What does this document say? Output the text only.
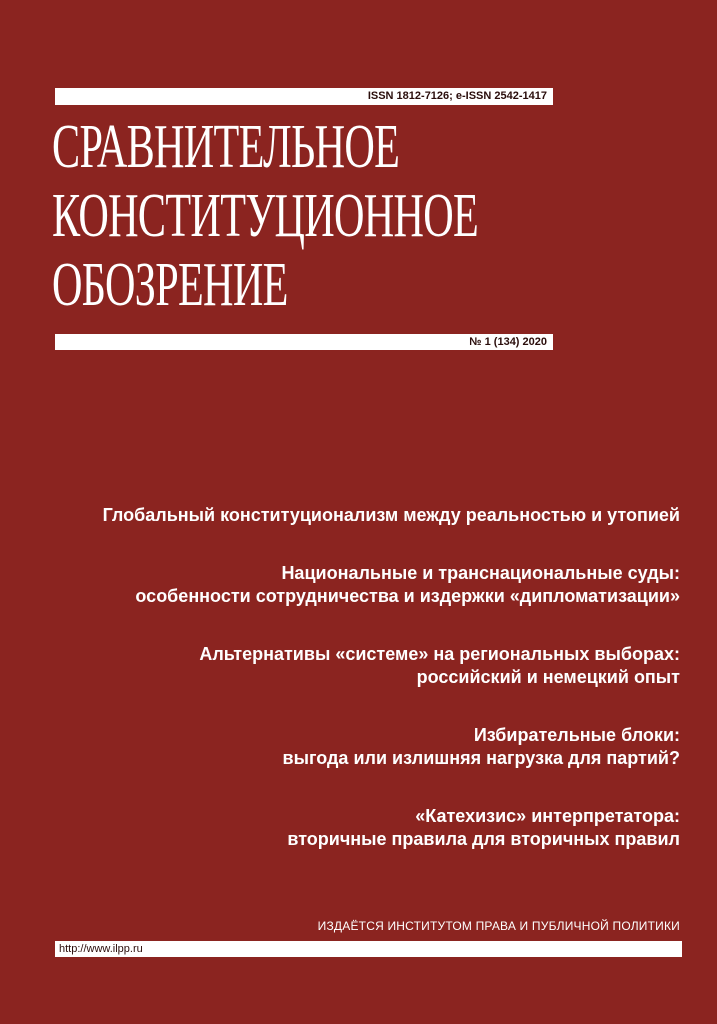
ISSN 1812-7126; e-ISSN 2542-1417
СРАВНИТЕЛЬНОЕ
КОНСТИТУЦИОННОЕ
ОБОЗРЕНИЕ
№ 1 (134) 2020
Глобальный конституционализм между реальностью и утопией
Национальные и транснациональные суды:
особенности сотрудничества и издержки «дипломатизации»
Альтернативы «системе» на региональных выборах:
российский и немецкий опыт
Избирательные блоки:
выгода или излишняя нагрузка для партий?
«Катехизис» интерпретатора:
вторичные правила для вторичных правил
ИЗДАЁТСЯ ИНСТИТУТОМ ПРАВА И ПУБЛИЧНОЙ ПОЛИТИКИ
http://www.ilpp.ru
